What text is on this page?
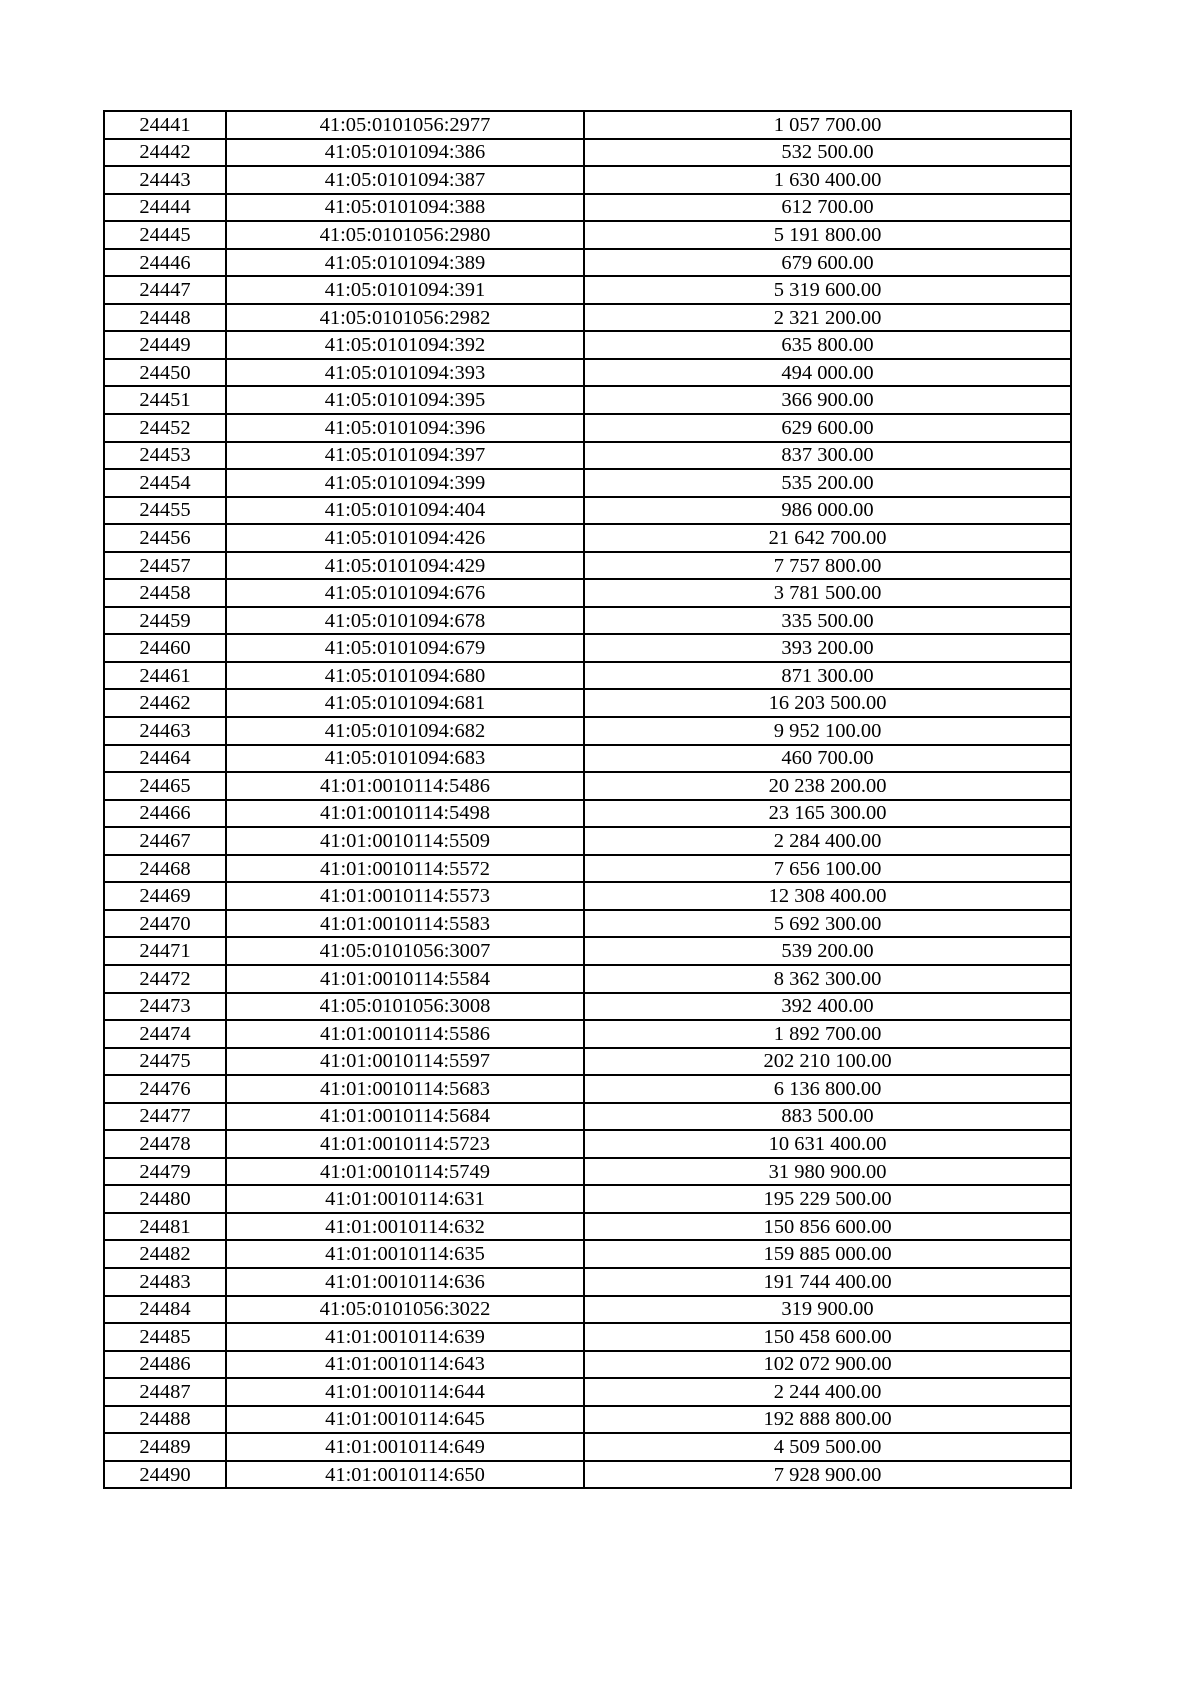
24441	41:05:0101056:2977	1 057 700.00
24442	41:05:0101094:386	532 500.00
24443	41:05:0101094:387	1 630 400.00
24444	41:05:0101094:388	612 700.00
24445	41:05:0101056:2980	5 191 800.00
24446	41:05:0101094:389	679 600.00
24447	41:05:0101094:391	5 319 600.00
24448	41:05:0101056:2982	2 321 200.00
24449	41:05:0101094:392	635 800.00
24450	41:05:0101094:393	494 000.00
24451	41:05:0101094:395	366 900.00
24452	41:05:0101094:396	629 600.00
24453	41:05:0101094:397	837 300.00
24454	41:05:0101094:399	535 200.00
24455	41:05:0101094:404	986 000.00
24456	41:05:0101094:426	21 642 700.00
24457	41:05:0101094:429	7 757 800.00
24458	41:05:0101094:676	3 781 500.00
24459	41:05:0101094:678	335 500.00
24460	41:05:0101094:679	393 200.00
24461	41:05:0101094:680	871 300.00
24462	41:05:0101094:681	16 203 500.00
24463	41:05:0101094:682	9 952 100.00
24464	41:05:0101094:683	460 700.00
24465	41:01:0010114:5486	20 238 200.00
24466	41:01:0010114:5498	23 165 300.00
24467	41:01:0010114:5509	2 284 400.00
24468	41:01:0010114:5572	7 656 100.00
24469	41:01:0010114:5573	12 308 400.00
24470	41:01:0010114:5583	5 692 300.00
24471	41:05:0101056:3007	539 200.00
24472	41:01:0010114:5584	8 362 300.00
24473	41:05:0101056:3008	392 400.00
24474	41:01:0010114:5586	1 892 700.00
24475	41:01:0010114:5597	202 210 100.00
24476	41:01:0010114:5683	6 136 800.00
24477	41:01:0010114:5684	883 500.00
24478	41:01:0010114:5723	10 631 400.00
24479	41:01:0010114:5749	31 980 900.00
24480	41:01:0010114:631	195 229 500.00
24481	41:01:0010114:632	150 856 600.00
24482	41:01:0010114:635	159 885 000.00
24483	41:01:0010114:636	191 744 400.00
24484	41:05:0101056:3022	319 900.00
24485	41:01:0010114:639	150 458 600.00
24486	41:01:0010114:643	102 072 900.00
24487	41:01:0010114:644	2 244 400.00
24488	41:01:0010114:645	192 888 800.00
24489	41:01:0010114:649	4 509 500.00
24490	41:01:0010114:650	7 928 900.00
